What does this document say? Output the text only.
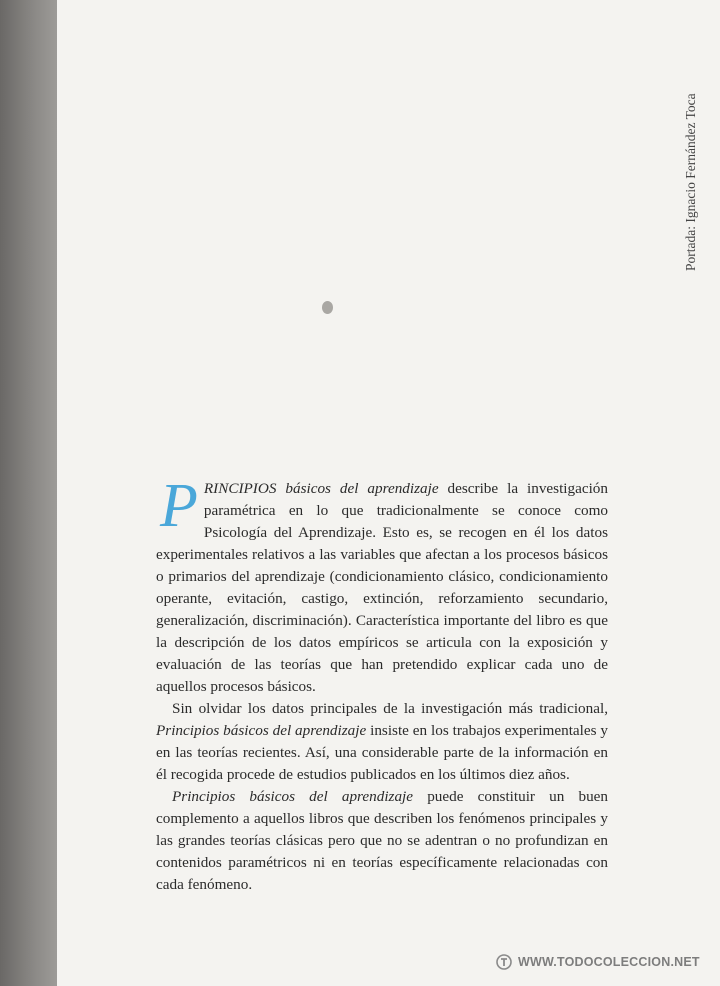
Portada: Ignacio Fernández Toca

PRINCIPIOS básicos del aprendizaje describe la investigación paramétrica en lo que tradicionalmente se conoce como Psicología del Aprendizaje. Esto es, se recogen en él los datos experimentales relativos a las variables que afectan a los procesos básicos o primarios del aprendizaje (condicionamiento clásico, condicionamiento operante, evitación, castigo, extinción, reforzamiento secundario, generalización, discriminación). Característica importante del libro es que la descripción de los datos empíricos se articula con la exposición y evaluación de las teorías que han pretendido explicar cada uno de aquellos procesos básicos.

Sin olvidar los datos principales de la investigación más tradicional, Principios básicos del aprendizaje insiste en los trabajos experimentales y en las teorías recientes. Así, una considerable parte de la información en él recogida procede de estudios publicados en los últimos diez años.

Principios básicos del aprendizaje puede constituir un buen complemento a aquellos libros que describen los fenómenos principales y las grandes teorías clásicas pero que no se adentran o no profundizan en contenidos paramétricos ni en teorías específicamente relacionadas con cada fenómeno.

WWW.TODOCOLECCION.NET
